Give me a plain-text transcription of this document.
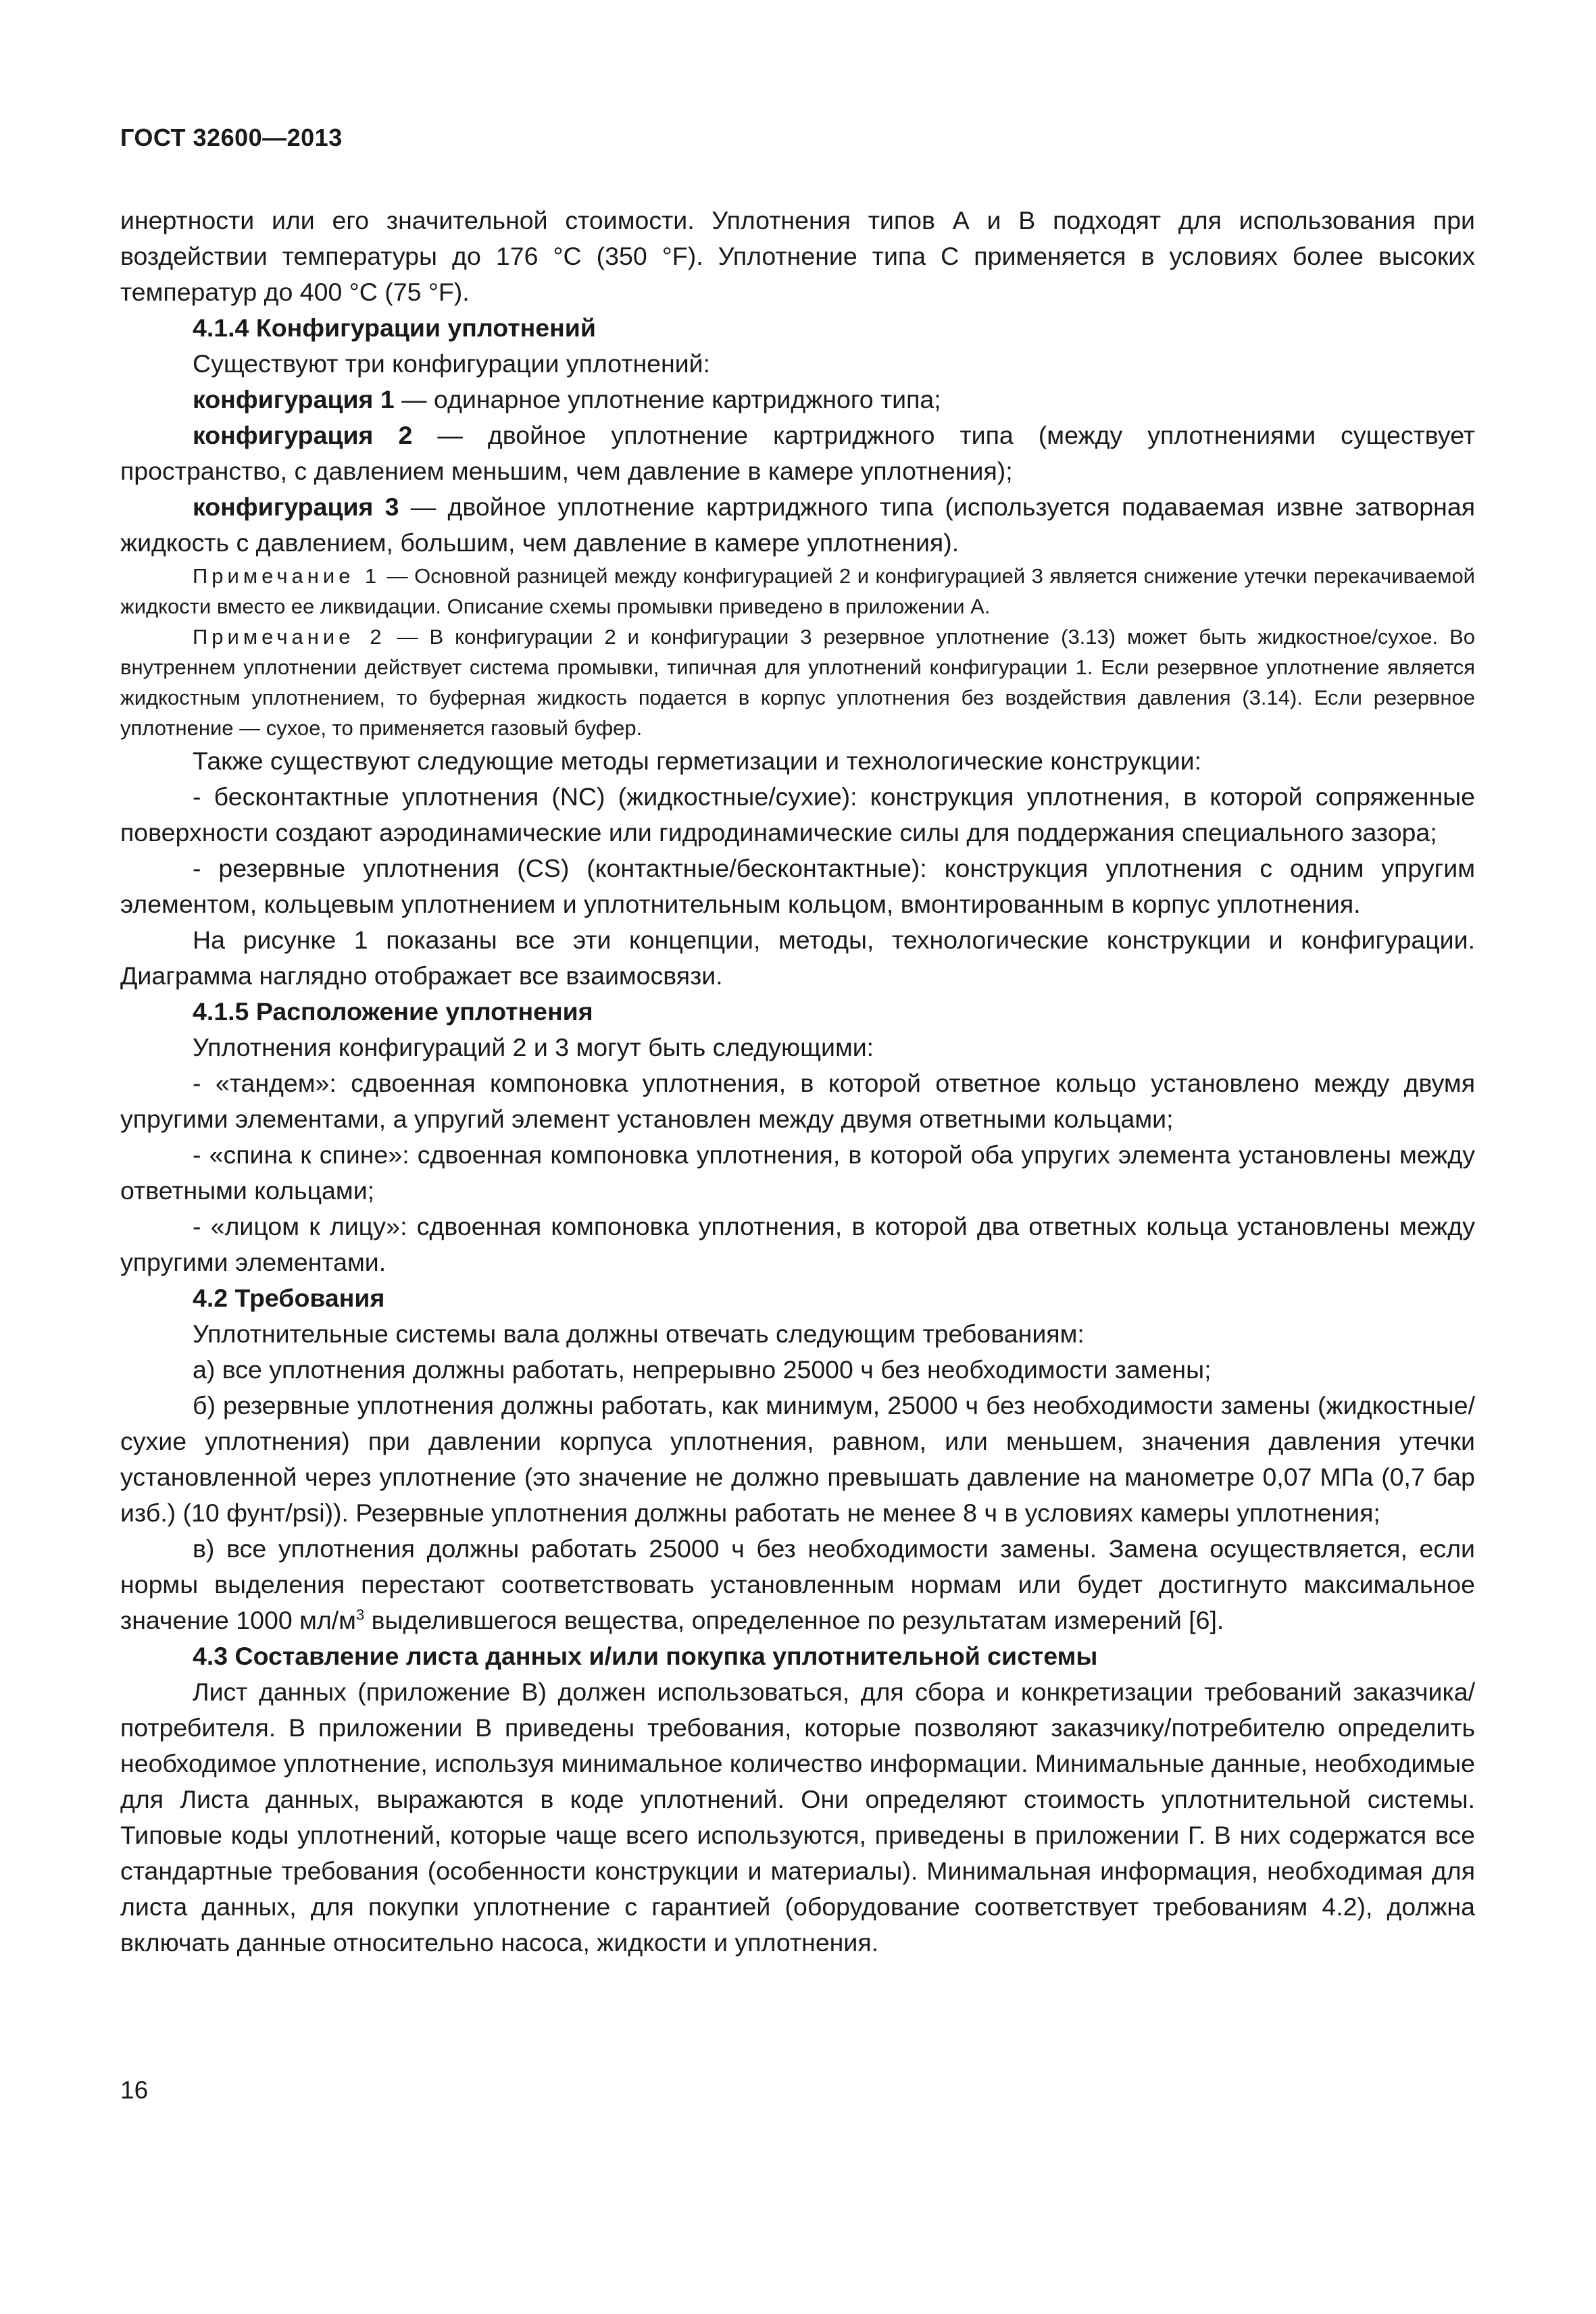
ГОСТ 32600—2013

инертности или его значительной стоимости. Уплотнения типов А и В подходят для использования при воздействии температуры до 176 °С (350 °F). Уплотнение типа С применяется в условиях более высоких температур до 400 °С (75 °F).

4.1.4 Конфигурации уплотнений

Существуют три конфигурации уплотнений:

конфигурация 1 — одинарное уплотнение картриджного типа;

конфигурация 2 — двойное уплотнение картриджного типа (между уплотнениями существует пространство, с давлением меньшим, чем давление в камере уплотнения);

конфигурация 3 — двойное уплотнение картриджного типа (используется подаваемая извне затворная жидкость с давлением, большим, чем давление в камере уплотнения).

Примечание 1 — Основной разницей между конфигурацией 2 и конфигурацией 3 является снижение утечки перекачиваемой жидкости вместо ее ликвидации. Описание схемы промывки приведено в приложении А.

Примечание 2 — В конфигурации 2 и конфигурации 3 резервное уплотнение (3.13) может быть жидкостное/сухое. Во внутреннем уплотнении действует система промывки, типичная для уплотнений конфигурации 1. Если резервное уплотнение является жидкостным уплотнением, то буферная жидкость подается в корпус уплотнения без воздействия давления (3.14). Если резервное уплотнение — сухое, то применяется газовый буфер.

Также существуют следующие методы герметизации и технологические конструкции:

- бесконтактные уплотнения (NC) (жидкостные/сухие): конструкция уплотнения, в которой сопряженные поверхности создают аэродинамические или гидродинамические силы для поддержания специального зазора;

- резервные уплотнения (CS) (контактные/бесконтактные): конструкция уплотнения с одним упругим элементом, кольцевым уплотнением и уплотнительным кольцом, вмонтированным в корпус уплотнения.

На рисунке 1 показаны все эти концепции, методы, технологические конструкции и конфигурации. Диаграмма наглядно отображает все взаимосвязи.

4.1.5 Расположение уплотнения

Уплотнения конфигураций 2 и 3 могут быть следующими:

- «тандем»: сдвоенная компоновка уплотнения, в которой ответное кольцо установлено между двумя упругими элементами, а упругий элемент установлен между двумя ответными кольцами;

- «спина к спине»: сдвоенная компоновка уплотнения, в которой оба упругих элемента установлены между ответными кольцами;

- «лицом к лицу»: сдвоенная компоновка уплотнения, в которой два ответных кольца установлены между упругими элементами.

4.2 Требования

Уплотнительные системы вала должны отвечать следующим требованиям:

а) все уплотнения должны работать, непрерывно 25000 ч без необходимости замены;

б) резервные уплотнения должны работать, как минимум, 25000 ч без необходимости замены (жидкостные/сухие уплотнения) при давлении корпуса уплотнения, равном, или меньшем, значения давления утечки установленной через уплотнение (это значение не должно превышать давление на манометре 0,07 МПа (0,7 бар изб.) (10 фунт/psi)). Резервные уплотнения должны работать не менее 8 ч в условиях камеры уплотнения;

в) все уплотнения должны работать 25000 ч без необходимости замены. Замена осуществляется, если нормы выделения перестают соответствовать установленным нормам или будет достигнуто максимальное значение 1000 $мл/м^3$ выделившегося вещества, определенное по результатам измерений [6].

4.3 Составление листа данных и/или покупка уплотнительной системы

Лист данных (приложение В) должен использоваться, для сбора и конкретизации требований заказчика/потребителя. В приложении В приведены требования, которые позволяют заказчику/потребителю определить необходимое уплотнение, используя минимальное количество информации. Минимальные данные, необходимые для Листа данных, выражаются в коде уплотнений. Они определяют стоимость уплотнительной системы. Типовые коды уплотнений, которые чаще всего используются, приведены в приложении Г. В них содержатся все стандартные требования (особенности конструкции и материалы). Минимальная информация, необходимая для листа данных, для покупки уплотнение с гарантией (оборудование соответствует требованиям 4.2), должна включать данные относительно насоса, жидкости и уплотнения.

16
